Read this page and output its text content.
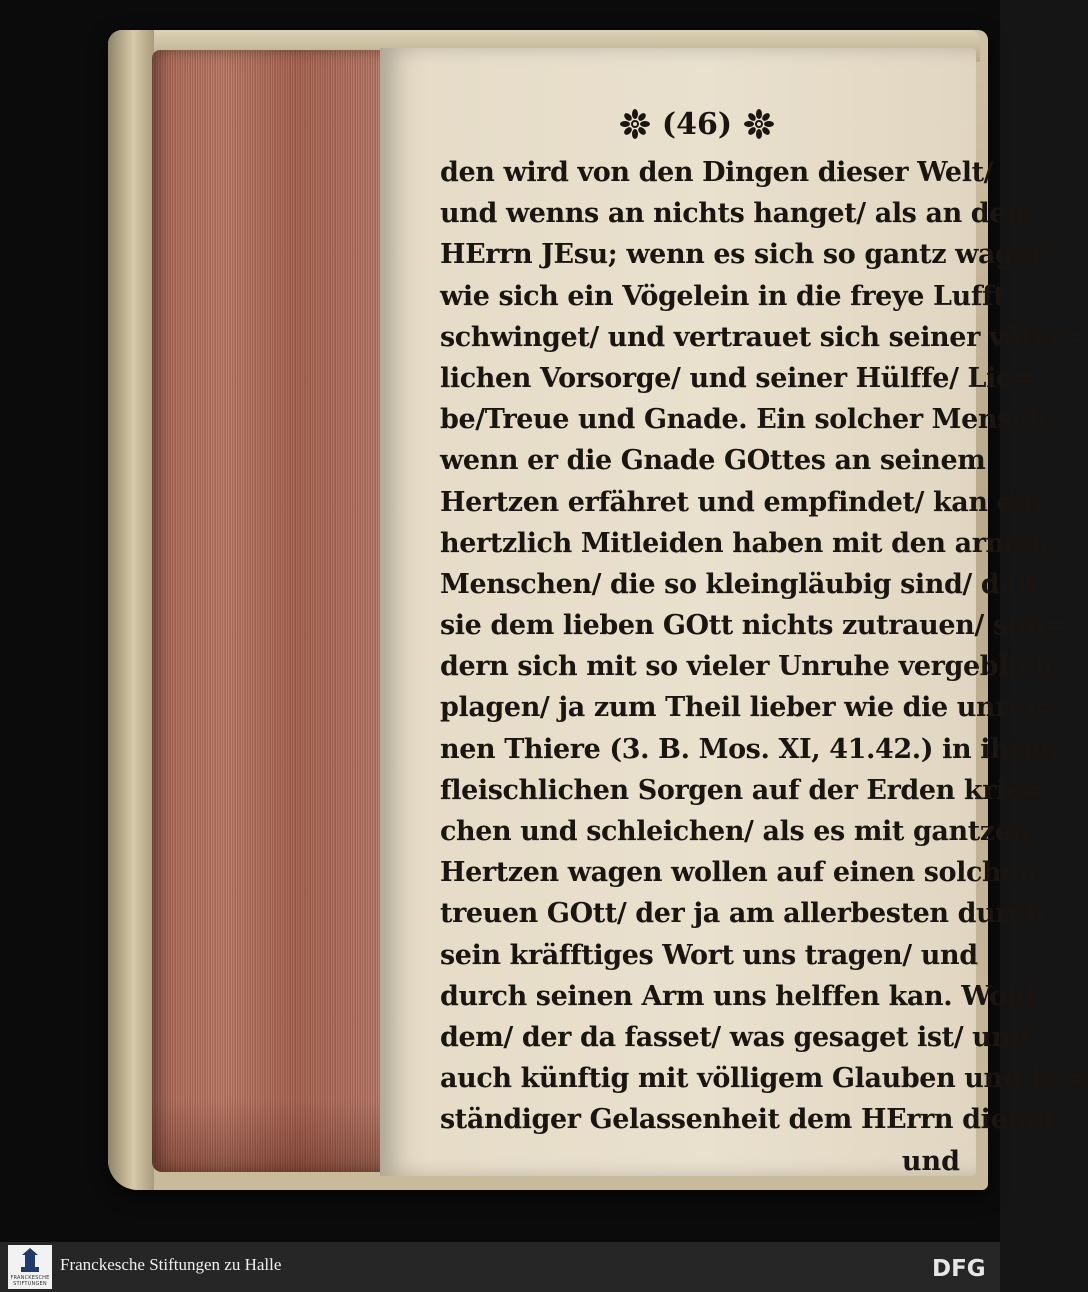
(46)
den wird von den Dingen dieser Welt/
und wenns an nichts hanget/ als an dem
HErrn JEsu; wenn es sich so gantz waget/
wie sich ein Vögelein in die freye Lufft
schwinget/ und vertrauet sich seiner väter=
lichen Vorsorge/ und seiner Hülffe/ Lie=
be/Treue und Gnade. Ein solcher Mensch/
wenn er die Gnade GOttes an seinem
Hertzen erfähret und empfindet/ kan ein
hertzlich Mitleiden haben mit den armen
Menschen/ die so kleingläubig sind/ daß
sie dem lieben GOtt nichts zutrauen/ son=
dern sich mit so vieler Unruhe vergeblich
plagen/ ja zum Theil lieber wie die unrei=
nen Thiere (3. B. Mos. XI, 41.42.) in ihren
fleischlichen Sorgen auf der Erden krie=
chen und schleichen/ als es mit gantzen
Hertzen wagen wollen auf einen solchen
treuen GOtt/ der ja am allerbesten durch
sein kräfftiges Wort uns tragen/ und
durch seinen Arm uns helffen kan. Wohl
dem/ der da fasset/ was gesaget ist/ und
auch künftig mit völligem Glauben und be=
ständiger Gelassenheit dem HErrn dienet
und
FRANCKESCHE
STIFTUNGEN
Franckesche Stiftungen zu Halle	DFG
